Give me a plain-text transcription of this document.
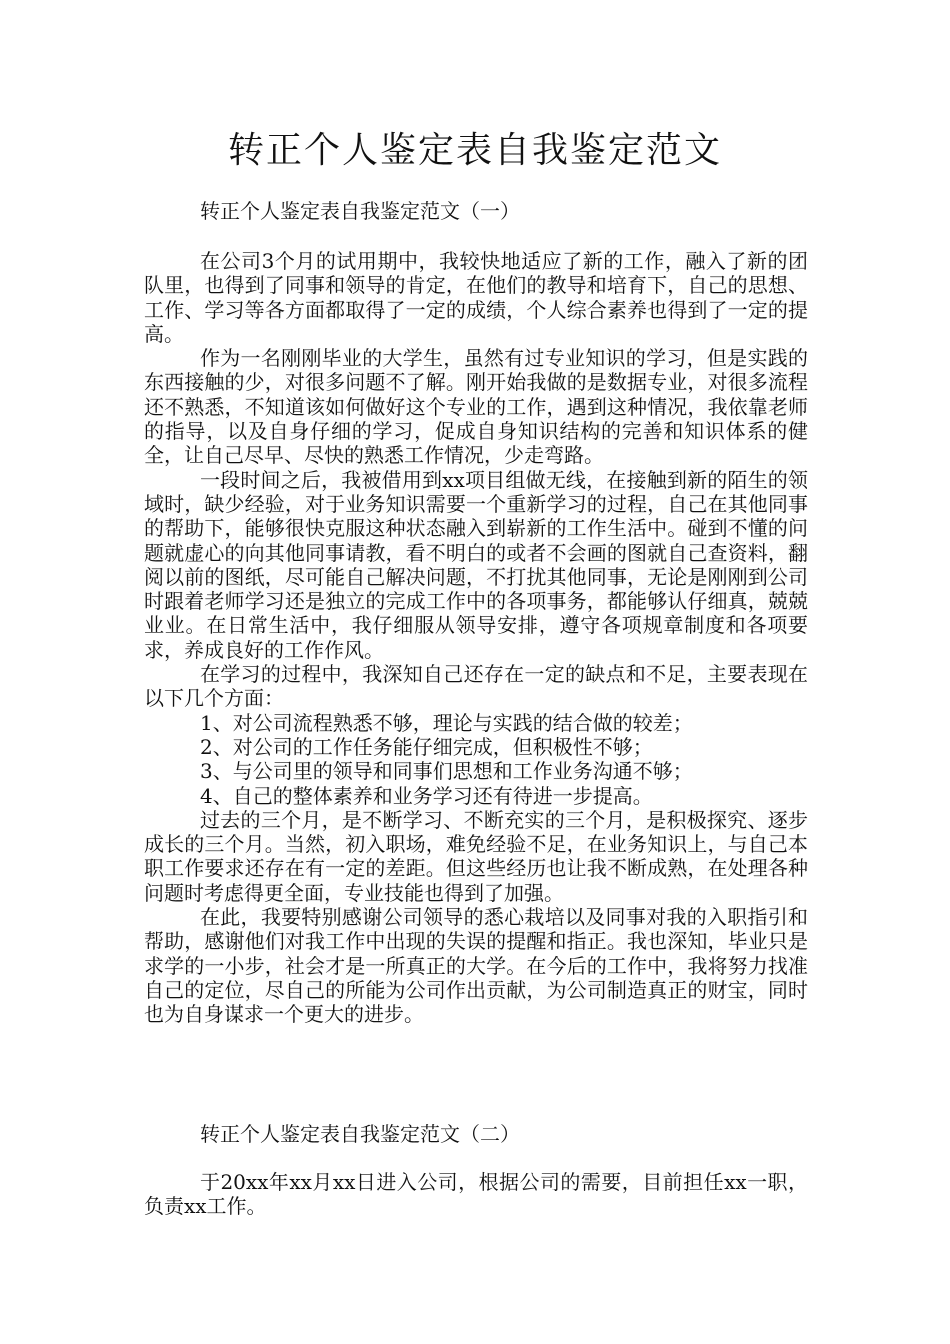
转正个人鉴定表自我鉴定范文
转正个人鉴定表自我鉴定范文（一）

在公司3个月的试用期中，我较快地适应了新的工作，融入了新的团队里，也得到了同事和领导的肯定，在他们的教导和培育下，自己的思想、工作、学习等各方面都取得了一定的成绩，个人综合素养也得到了一定的提高。

作为一名刚刚毕业的大学生，虽然有过专业知识的学习，但是实践的东西接触的少，对很多问题不了解。刚开始我做的是数据专业，对很多流程还不熟悉，不知道该如何做好这个专业的工作，遇到这种情况，我依靠老师的指导，以及自身仔细的学习，促成自身知识结构的完善和知识体系的健全，让自己尽早、尽快的熟悉工作情况，少走弯路。

一段时间之后，我被借用到xx项目组做无线，在接触到新的陌生的领域时，缺少经验，对于业务知识需要一个重新学习的过程，自己在其他同事的帮助下，能够很快克服这种状态融入到崭新的工作生活中。碰到不懂的问题就虚心的向其他同事请教，看不明白的或者不会画的图就自己查资料，翻阅以前的图纸，尽可能自己解决问题，不打扰其他同事，无论是刚刚到公司时跟着老师学习还是独立的完成工作中的各项事务，都能够认仔细真，兢兢业业。在日常生活中，我仔细服从领导安排，遵守各项规章制度和各项要求，养成良好的工作作风。

在学习的过程中，我深知自己还存在一定的缺点和不足，主要表现在以下几个方面：

1、对公司流程熟悉不够，理论与实践的结合做的较差；

2、对公司的工作任务能仔细完成，但积极性不够；

3、与公司里的领导和同事们思想和工作业务沟通不够；

4、自己的整体素养和业务学习还有待进一步提高。

过去的三个月，是不断学习、不断充实的三个月，是积极探究、逐步成长的三个月。当然，初入职场，难免经验不足，在业务知识上，与自己本职工作要求还存在有一定的差距。但这些经历也让我不断成熟，在处理各种问题时考虑得更全面，专业技能也得到了加强。

在此，我要特别感谢公司领导的悉心栽培以及同事对我的入职指引和帮助，感谢他们对我工作中出现的失误的提醒和指正。我也深知，毕业只是求学的一小步，社会才是一所真正的大学。在今后的工作中，我将努力找准自己的定位，尽自己的所能为公司作出贡献，为公司制造真正的财宝，同时也为自身谋求一个更大的进步。

转正个人鉴定表自我鉴定范文（二）

于20xx年xx月xx日进入公司，根据公司的需要，目前担任xx一职，负责xx工作。
